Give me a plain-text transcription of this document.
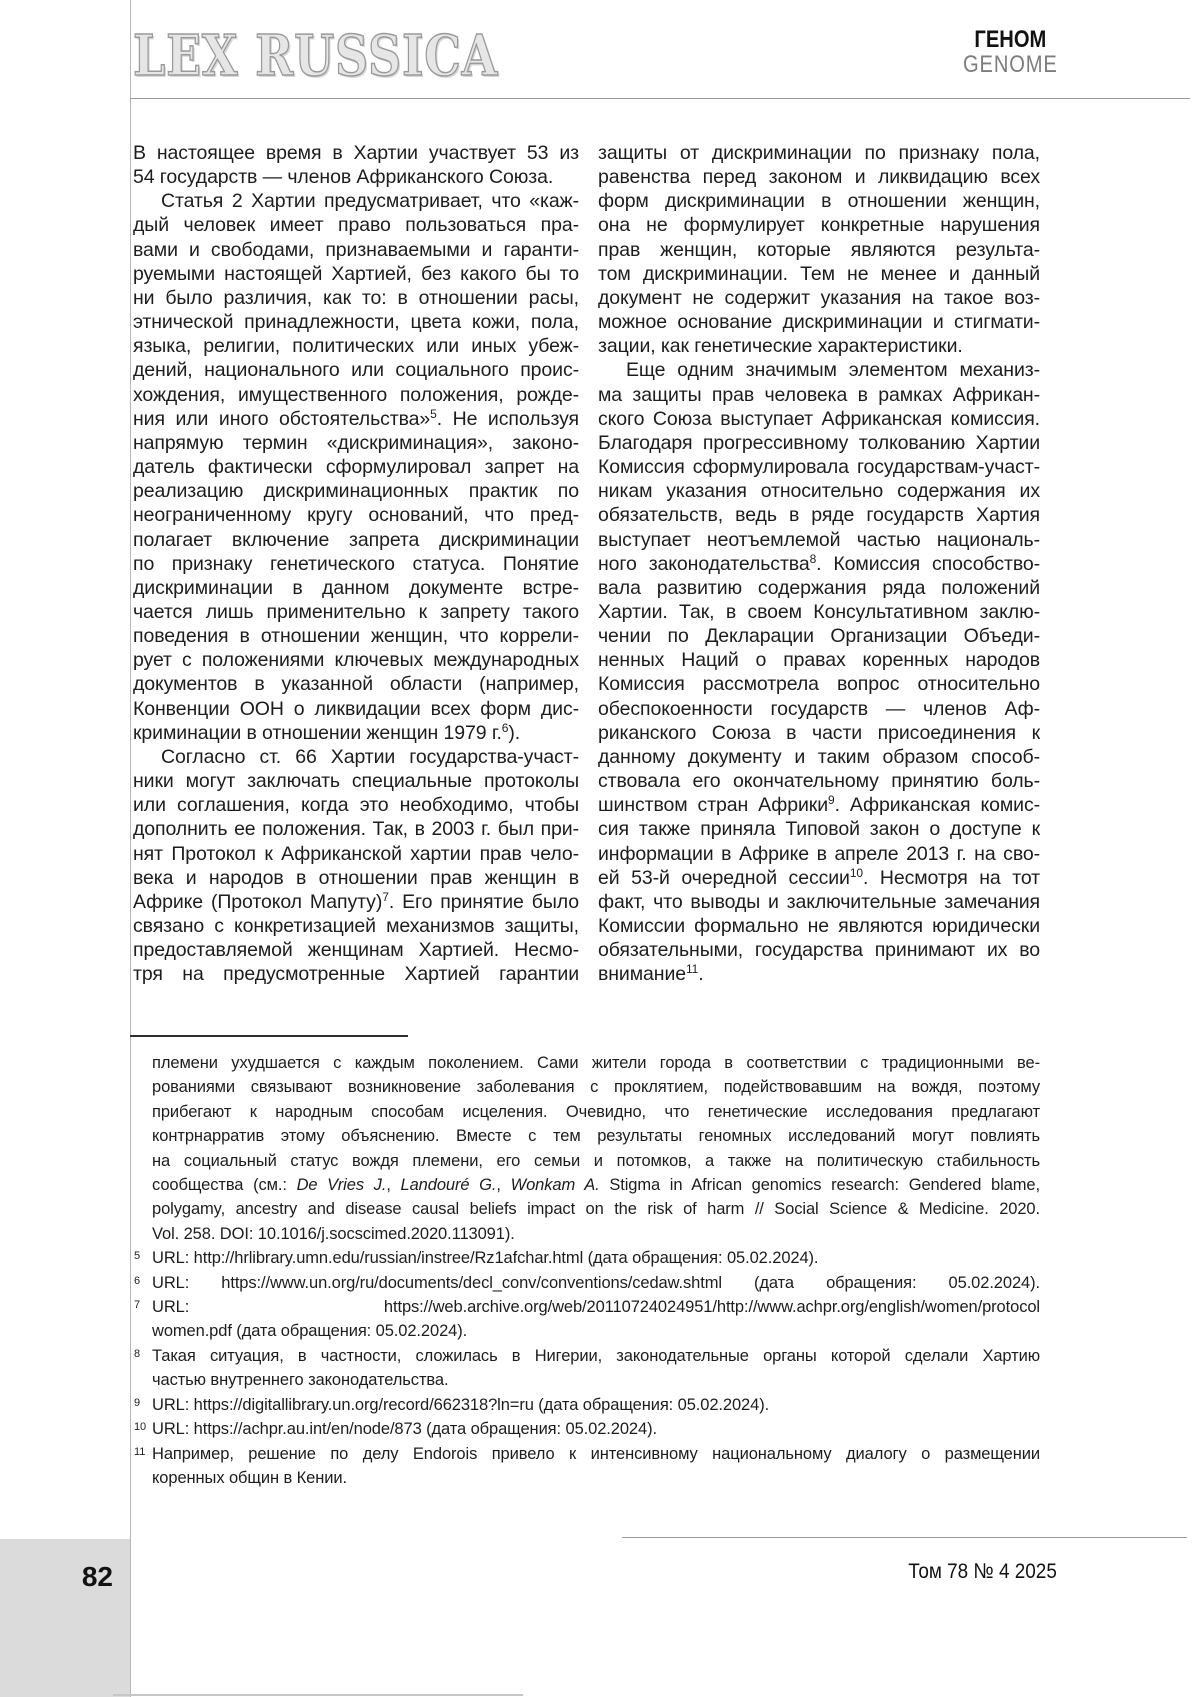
LEX RUSSICA	ГЕНОМ
GENOME
В настоящее время в Хартии участвует 53 из
54 государств — членов Африканского Союза.
Статья 2 Хартии предусматривает, что «каж-
дый человек имеет право пользоваться пра-
вами и свободами, признаваемыми и гаранти-
руемыми настоящей Хартией, без какого бы то
ни было различия, как то: в отношении расы,
этнической принадлежности, цвета кожи, пола,
языка, религии, политических или иных убеж-
дений, национального или социального проис-
хождения, имущественного положения, рожде-
ния или иного обстоятельства»$^5$. Не используя
напрямую термин «дискриминация», законо-
датель фактически сформулировал запрет на
реализацию дискриминационных практик по
неограниченному кругу оснований, что пред-
полагает включение запрета дискриминации
по признаку генетического статуса. Понятие
дискриминации в данном документе встре-
чается лишь применительно к запрету такого
поведения в отношении женщин, что коррели-
рует с положениями ключевых международных
документов в указанной области (например,
Конвенции ООН о ликвидации всех форм дис-
криминации в отношении женщин 1979 г.$^6$).
Согласно ст. 66 Хартии государства-участ-
ники могут заключать специальные протоколы
или соглашения, когда это необходимо, чтобы
дополнить ее положения. Так, в 2003 г. был при-
нят Протокол к Африканской хартии прав чело-
века и народов в отношении прав женщин в
Африке (Протокол Мапуту)$^7$. Его принятие было
связано с конкретизацией механизмов защиты,
предоставляемой женщинам Хартией. Несмо-
тря на предусмотренные Хартией гарантии
защиты от дискриминации по признаку пола,
равенства перед законом и ликвидацию всех
форм дискриминации в отношении женщин,
она не формулирует конкретные нарушения
прав женщин, которые являются результа-
том дискриминации. Тем не менее и данный
документ не содержит указания на такое воз-
можное основание дискриминации и стигмати-
зации, как генетические характеристики.
Еще одним значимым элементом механиз-
ма защиты прав человека в рамках Африкан-
ского Союза выступает Африканская комиссия.
Благодаря прогрессивному толкованию Хартии
Комиссия сформулировала государствам-участ-
никам указания относительно содержания их
обязательств, ведь в ряде государств Хартия
выступает неотъемлемой частью националь-
ного законодательства$^8$. Комиссия способство-
вала развитию содержания ряда положений
Хартии. Так, в своем Консультативном заклю-
чении по Декларации Организации Объеди-
ненных Наций о правах коренных народов
Комиссия рассмотрела вопрос относительно
обеспокоенности государств — членов Аф-
риканского Союза в части присоединения к
данному документу и таким образом способ-
ствовала его окончательному принятию боль-
шинством стран Африки$^9$. Африканская комис-
сия также приняла Типовой закон о доступе к
информации в Африке в апреле 2013 г. на сво-
ей 53-й очередной сессии$^{10}$. Несмотря на тот
факт, что выводы и заключительные замечания
Комиссии формально не являются юридически
обязательными, государства принимают их во
внимание$^{11}$.
племени ухудшается с каждым поколением. Сами жители города в соответствии с традиционными ве-
рованиями связывают возникновение заболевания с проклятием, подействовавшим на вождя, поэтому
прибегают к народным способам исцеления. Очевидно, что генетические исследования предлагают
контрнарратив этому объяснению. Вместе с тем результаты геномных исследований могут повлиять
на социальный статус вождя племени, его семьи и потомков, а также на политическую стабильность
сообщества (см.: De Vries J., Landouré G., Wonkam A. Stigma in African genomics research: Gendered blame,
polygamy, ancestry and disease causal beliefs impact on the risk of harm // Social Science & Medicine. 2020.
Vol. 258. DOI: 10.1016/j.socscimed.2020.113091).
5 URL: http://hrlibrary.umn.edu/russian/instree/Rz1afchar.html (дата обращения: 05.02.2024).
6 URL: https://www.un.org/ru/documents/decl_conv/conventions/cedaw.shtml (дата обращения: 05.02.2024).
7 URL: https://web.archive.org/web/20110724024951/http://www.achpr.org/english/women/protocol
women.pdf (дата обращения: 05.02.2024).
8 Такая ситуация, в частности, сложилась в Нигерии, законодательные органы которой сделали Хартию
частью внутреннего законодательства.
9 URL: https://digitallibrary.un.org/record/662318?ln=ru (дата обращения: 05.02.2024).
10 URL: https://achpr.au.int/en/node/873 (дата обращения: 05.02.2024).
11 Например, решение по делу Endorois привело к интенсивному национальному диалогу о размещении
коренных общин в Кении.
Том 78 № 4 2025
82
